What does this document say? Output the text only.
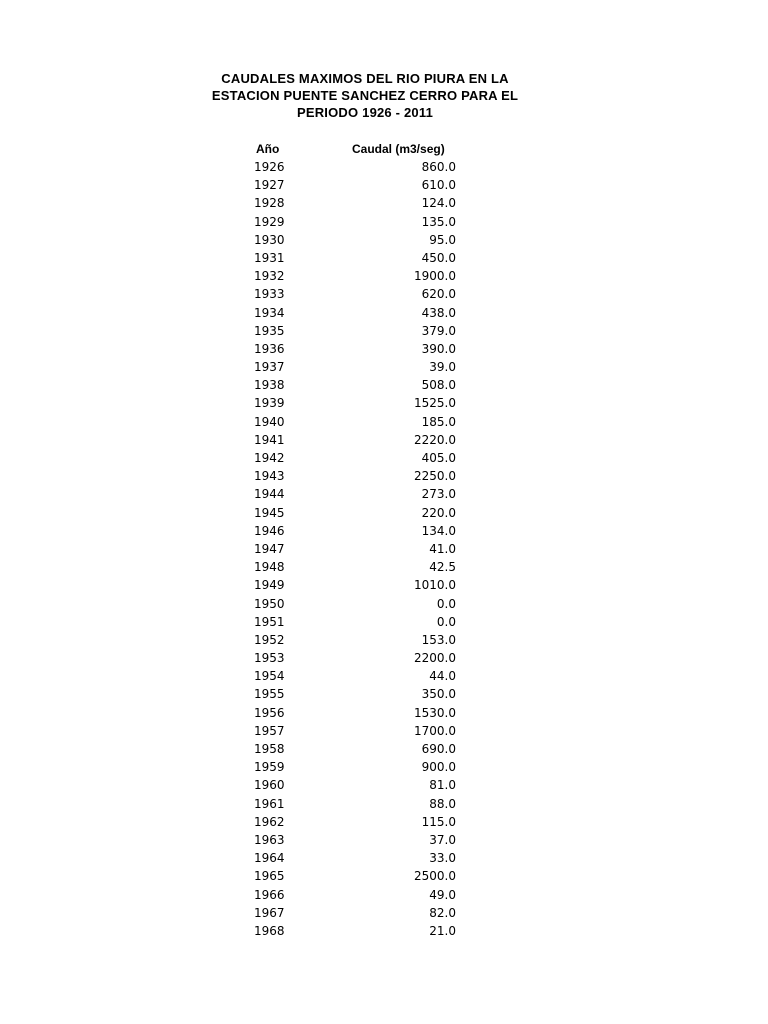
CAUDALES MAXIMOS DEL RIO PIURA EN LA
ESTACION PUENTE SANCHEZ CERRO PARA EL
PERIODO 1926 - 2011
Año	Caudal (m3/seg)
1926	860.0
1927	610.0
1928	124.0
1929	135.0
1930	95.0
1931	450.0
1932	1900.0
1933	620.0
1934	438.0
1935	379.0
1936	390.0
1937	39.0
1938	508.0
1939	1525.0
1940	185.0
1941	2220.0
1942	405.0
1943	2250.0
1944	273.0
1945	220.0
1946	134.0
1947	41.0
1948	42.5
1949	1010.0
1950	0.0
1951	0.0
1952	153.0
1953	2200.0
1954	44.0
1955	350.0
1956	1530.0
1957	1700.0
1958	690.0
1959	900.0
1960	81.0
1961	88.0
1962	115.0
1963	37.0
1964	33.0
1965	2500.0
1966	49.0
1967	82.0
1968	21.0
